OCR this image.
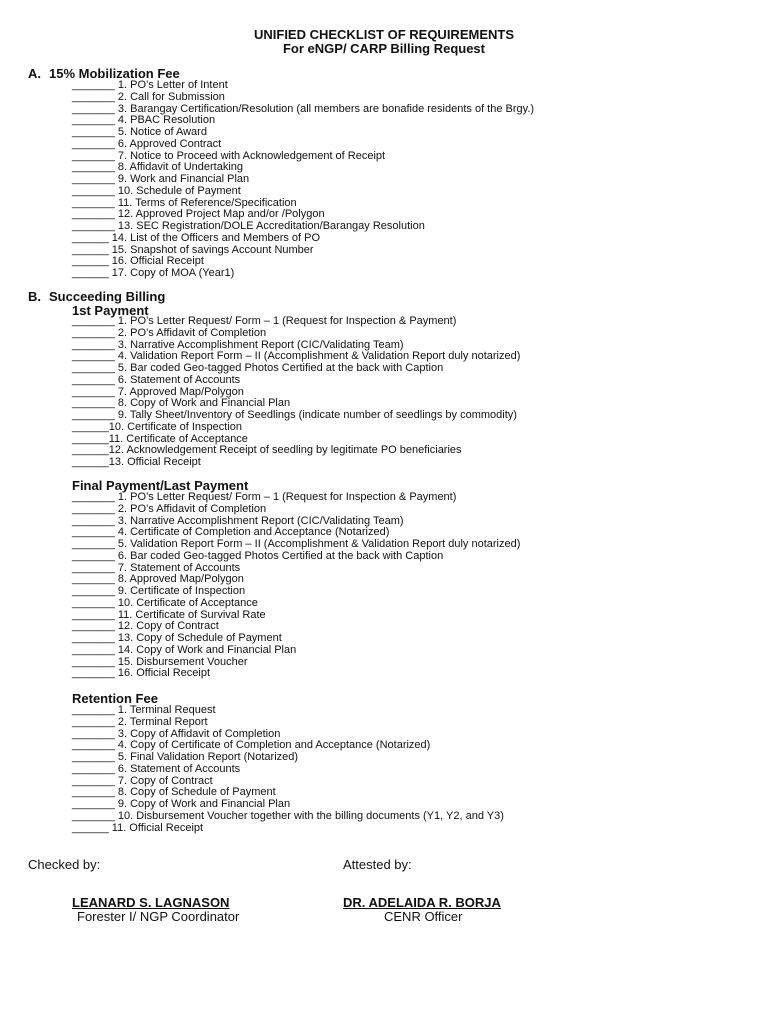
UNIFIED CHECKLIST OF REQUIREMENTS
For eNGP/ CARP Billing Request
A. 15% Mobilization Fee
_______ 1. PO’s Letter of Intent
_______ 2. Call for Submission
_______ 3. Barangay Certification/Resolution (all members are bonafide residents of the Brgy.)
_______ 4. PBAC Resolution
_______ 5. Notice of Award
_______ 6. Approved Contract
_______ 7. Notice to Proceed with Acknowledgement of Receipt
_______ 8. Affidavit of Undertaking
_______ 9. Work and Financial Plan
_______ 10. Schedule of Payment
_______ 11. Terms of Reference/Specification
_______ 12. Approved Project Map and/or /Polygon
_______ 13. SEC Registration/DOLE Accreditation/Barangay Resolution
______ 14. List of the Officers and Members of PO
______ 15. Snapshot of savings Account Number
______ 16. Official Receipt
______ 17. Copy of MOA (Year1)
B. Succeeding Billing
1st Payment
_______ 1. PO’s Letter Request/ Form – 1 (Request for Inspection & Payment)
_______ 2. PO’s Affidavit of Completion
_______ 3. Narrative Accomplishment Report (CIC/Validating Team)
_______ 4. Validation Report Form – II (Accomplishment & Validation Report duly notarized)
_______ 5. Bar coded Geo-tagged Photos Certified at the back with Caption
_______ 6. Statement of Accounts
_______ 7. Approved Map/Polygon
_______ 8. Copy of Work and Financial Plan
_______ 9. Tally Sheet/Inventory of Seedlings (indicate number of seedlings by commodity)
______10. Certificate of Inspection
______11. Certificate of Acceptance
______12. Acknowledgement Receipt of seedling by legitimate PO beneficiaries
______13. Official Receipt
Final Payment/Last Payment
_______ 1. PO’s Letter Request/ Form – 1 (Request for Inspection & Payment)
_______ 2. PO’s Affidavit of Completion
_______ 3. Narrative Accomplishment Report (CIC/Validating Team)
_______ 4. Certificate of Completion and Acceptance (Notarized)
_______ 5. Validation Report Form – II (Accomplishment & Validation Report duly notarized)
_______ 6. Bar coded Geo-tagged Photos Certified at the back with Caption
_______ 7. Statement of Accounts
_______ 8. Approved Map/Polygon
_______ 9. Certificate of Inspection
_______ 10. Certificate of Acceptance
_______ 11. Certificate of Survival Rate
_______ 12. Copy of Contract
_______ 13. Copy of Schedule of Payment
_______ 14. Copy of Work and Financial Plan
_______ 15. Disbursement Voucher
_______ 16. Official Receipt
Retention Fee
_______ 1. Terminal Request
_______ 2. Terminal Report
_______ 3. Copy of Affidavit of Completion
_______ 4. Copy of Certificate of Completion and Acceptance (Notarized)
_______ 5. Final Validation Report (Notarized)
_______ 6. Statement of Accounts
_______ 7. Copy of Contract
_______ 8. Copy of Schedule of Payment
_______ 9. Copy of Work and Financial Plan
_______ 10. Disbursement Voucher together with the billing documents (Y1, Y2, and Y3)
______ 11. Official Receipt
Checked by:	Attested by:
LEANARD S. LAGNASON	DR. ADELAIDA R. BORJA
Forester I/ NGP Coordinator	CENR Officer
